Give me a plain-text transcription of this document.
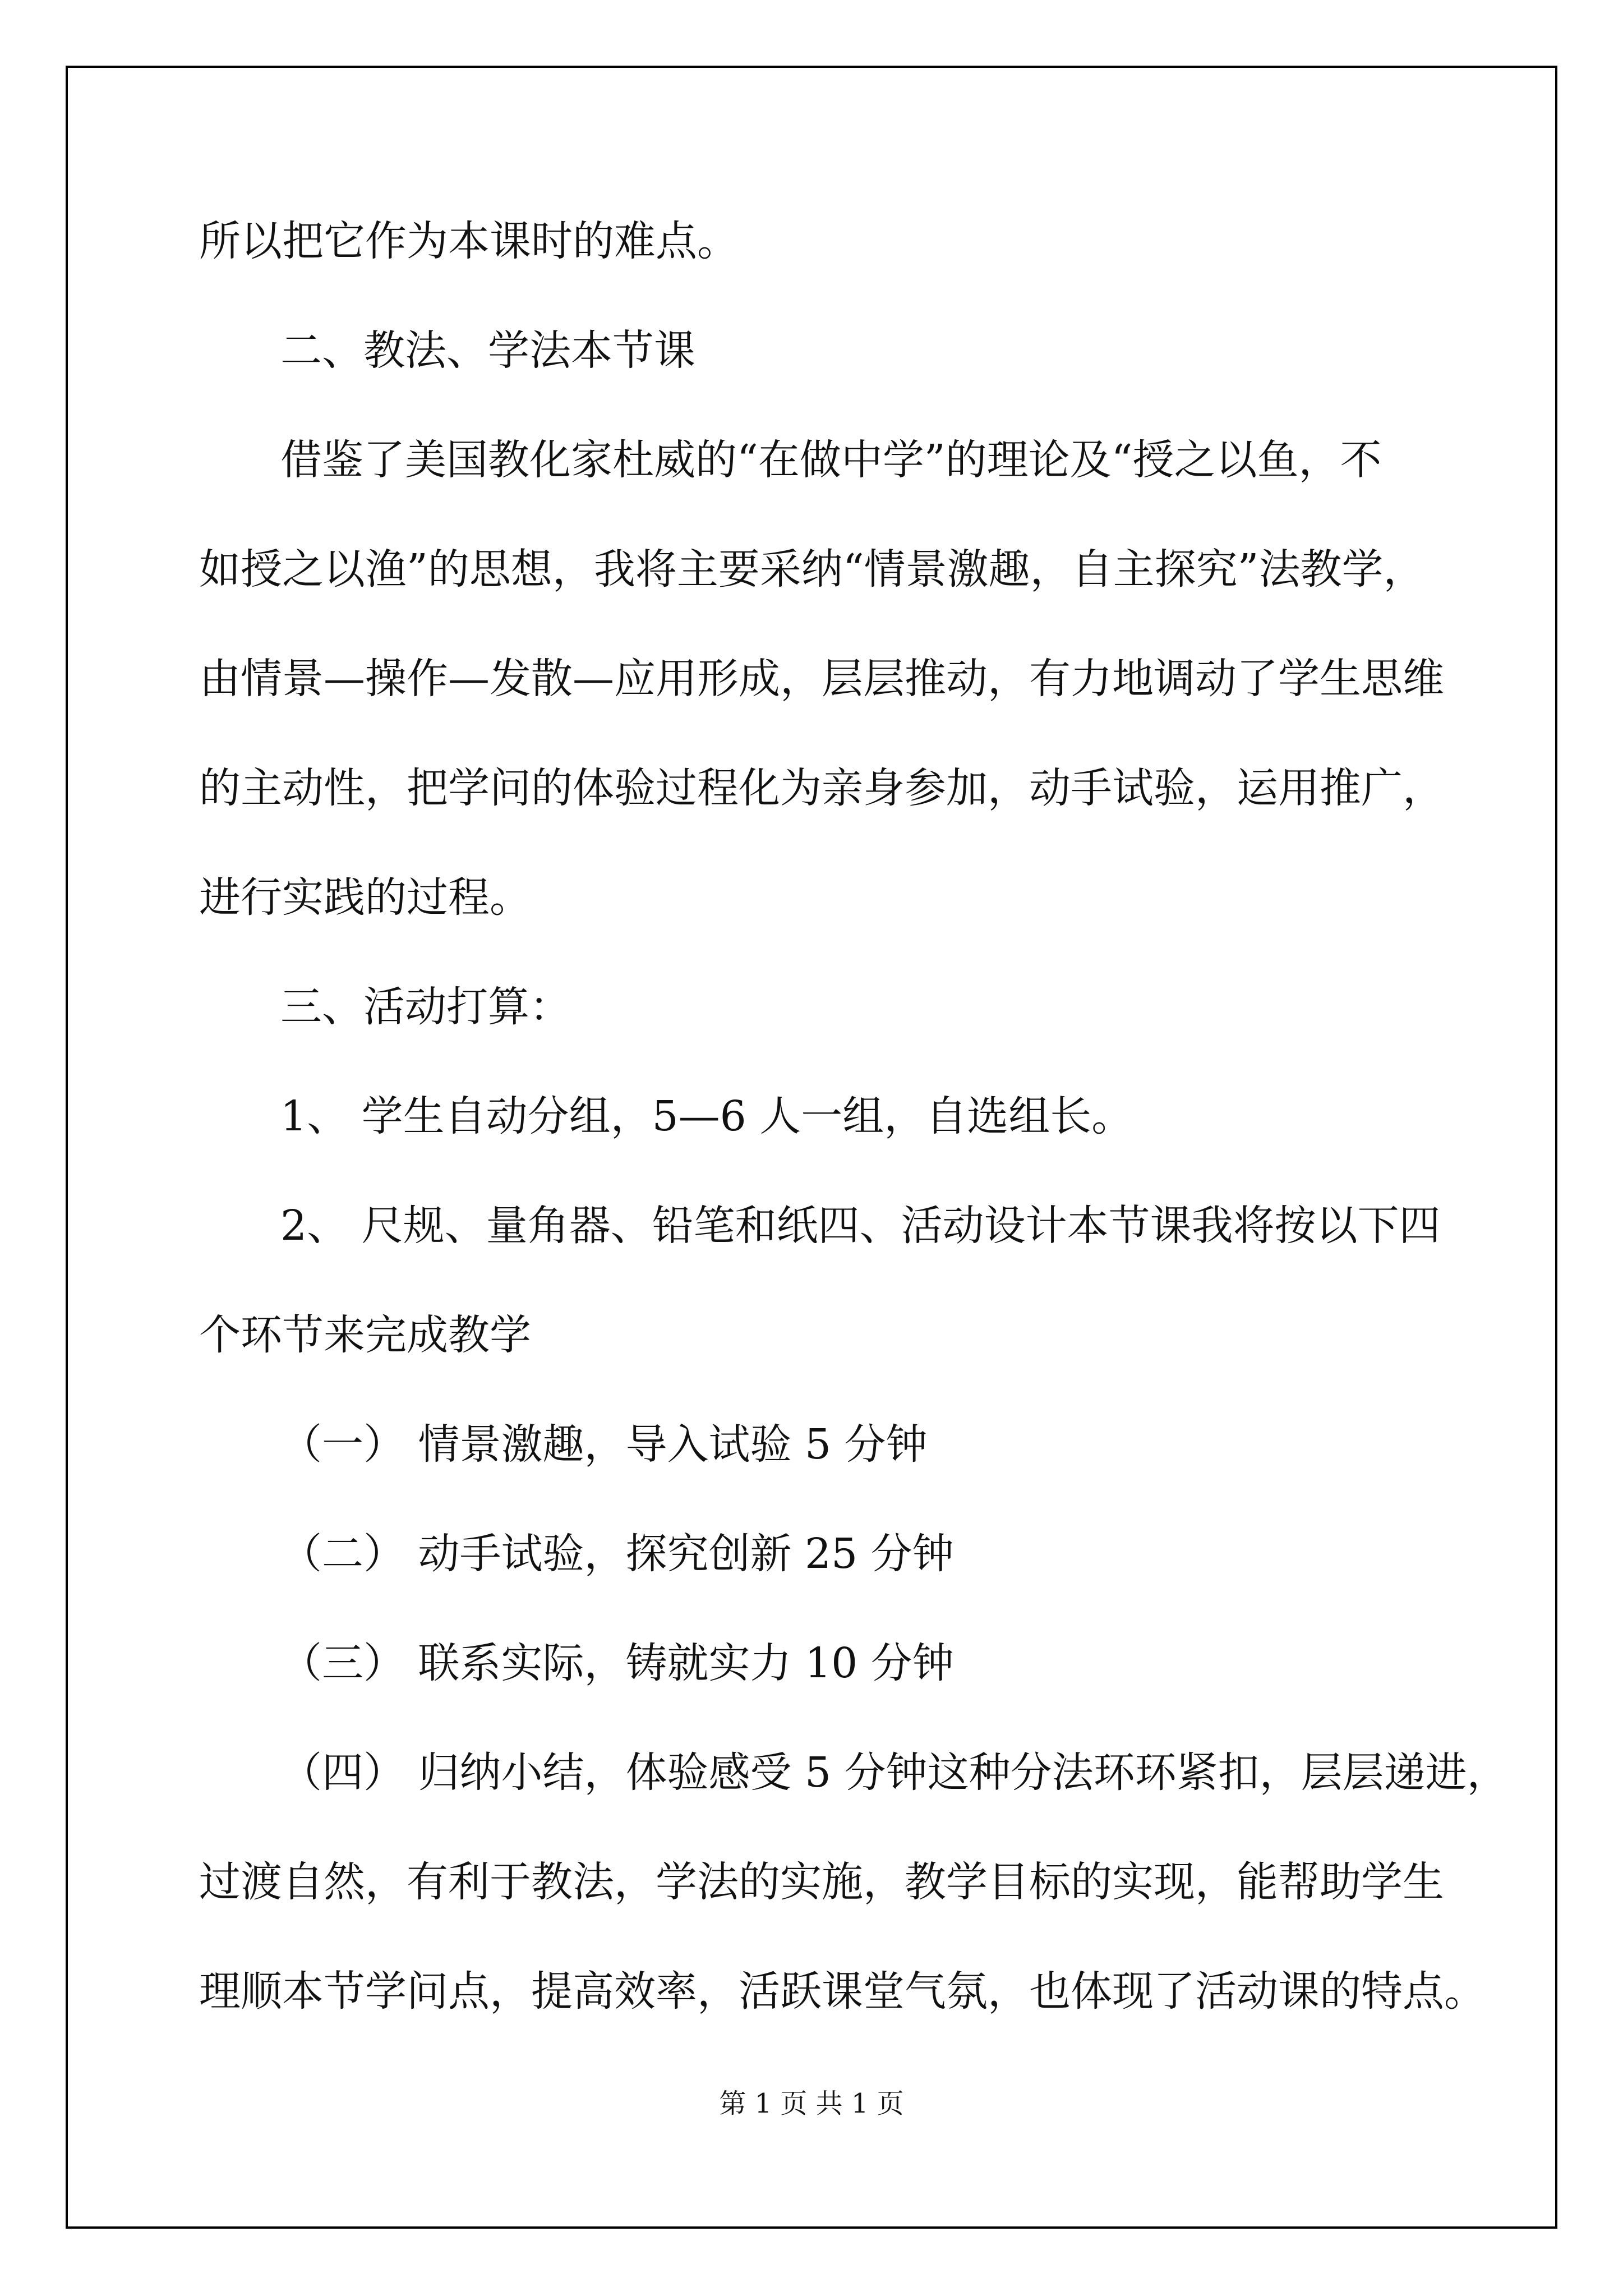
所以把它作为本课时的难点。

二、教法、学法本节课

借鉴了美国教化家杜威的“在做中学”的理论及“授之以鱼，不

如授之以渔”的思想，我将主要采纳“情景激趣，自主探究”法教学，

由情景—操作—发散—应用形成，层层推动，有力地调动了学生思维

的主动性，把学问的体验过程化为亲身参加，动手试验，运用推广，

进行实践的过程。

三、活动打算：

1、 学生自动分组，5—6 人一组，自选组长。

2、 尺规、量角器、铅笔和纸四、活动设计本节课我将按以下四

个环节来完成教学

（一） 情景激趣，导入试验 5 分钟

（二） 动手试验，探究创新 25 分钟

（三） 联系实际，铸就实力 10 分钟

（四） 归纳小结，体验感受 5 分钟这种分法环环紧扣，层层递进，

过渡自然，有利于教法，学法的实施，教学目标的实现，能帮助学生

理顺本节学问点，提高效率，活跃课堂气氛，也体现了活动课的特点。

第 1 页 共 1 页
